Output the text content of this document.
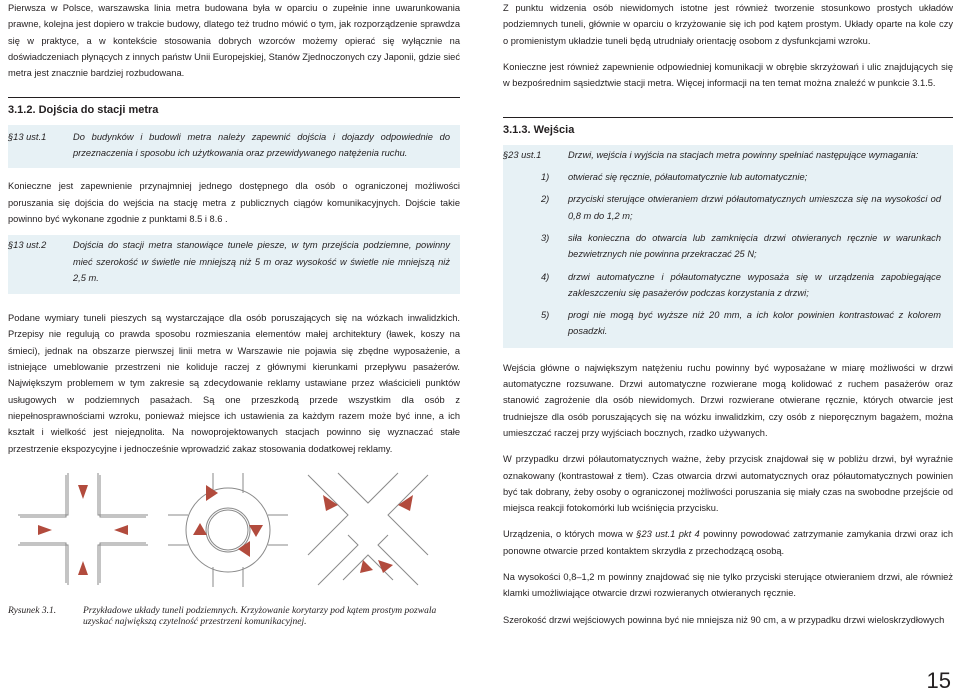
Pierwsza w Polsce, warszawska linia metra budowana była w oparciu o zupełnie inne uwarunkowania prawne, kolejna jest dopiero w trakcie budowy, dlatego też trudno mówić o tym, jak rozporządzenie sprawdza się w praktyce, a w kontekście stosowania dobrych wzorców możemy opierać się wyłącznie na doświadczeniach płynących z innych państw Unii Europejskiej, Stanów Zjednoczonych czy Japonii, gdzie sieć metra jest znacznie bardziej rozbudowana.

3.1.2. Dojścia do stacji metra
§13 ust.1	Do budynków i budowli metra należy zapewnić dojścia i dojazdy odpowiednie do przeznaczenia i sposobu ich użytkowania oraz przewidywanego natężenia ruchu.

Konieczne jest zapewnienie przynajmniej jednego dostępnego dla osób o ograniczonej możliwości poruszania się dojścia do wejścia na stację metra z publicznych ciągów komunikacyjnych. Dojście takie powinno być wykonane zgodnie z punktami 8.5 i 8.6 .

§13 ust.2	Dojścia do stacji metra stanowiące tunele piesze, w tym przejścia podziemne, powinny mieć szerokość w świetle nie mniejszą niż 5 m oraz wysokość w świetle nie mniejszą niż 2,5 m.

Podane wymiary tuneli pieszych są wystarczające dla osób poruszających się na wózkach inwalidzkich. Przepisy nie regulują co prawda sposobu rozmieszania elementów małej architektury (ławek, koszy na śmieci), jednak na obszarze pierwszej linii metra w Warszawie nie pojawia się zbędne wyposażenie, a istniejące umeblowanie przestrzeni nie koliduje raczej z głównymi kierunkami przepływu pasażerów. Największym problemem w tym zakresie są zdecydowanie reklamy ustawiane przez właścicieli punktów usługowych w podziemnych pasażach. Są one przeszkodą przede wszystkim dla osób z niepełnosprawnościami wzroku, ponieważ miejsce ich ustawienia za każdym razem może być inne, a ich kształt i wielkość jest nieједnolita. Na nowoprojektowanych stacjach powinno się wyznaczać stałe przestrzenie ekspozycyjne i jednocześnie wprowadzić zakaz stosowania dodatkowej reklamy.

Rysunek 3.1.	Przykładowe układy tuneli podziemnych. Krzyżowanie korytarzy pod kątem prostym pozwala uzyskać największą czytelność przestrzeni komunikacyjnej.

Z punktu widzenia osób niewidomych istotne jest również tworzenie stosunkowo prostych układów podziemnych tuneli, głównie w oparciu o krzyżowanie się ich pod kątem prostym. Układy oparte na kole czy o promienistym układzie tuneli będą utrudniały orientację osobom z dysfunkcjami wzroku.

Konieczne jest również zapewnienie odpowiedniej komunikacji w obrębie skrzyżowań i ulic znajdujących się w bezpośrednim sąsiedztwie stacji metra. Więcej informacji na ten temat można znaleźć w punkcie 3.1.5.

3.1.3. Wejścia
§23 ust.1	Drzwi, wejścia i wyjścia na stacjach metra powinny spełniać następujące wymagania:
1)	otwierać się ręcznie, półautomatycznie lub automatycznie;
2)	przyciski sterujące otwieraniem drzwi półautomatycznych umieszcza się na wysokości od 0,8 m do 1,2 m;
3)	siła konieczna do otwarcia lub zamknięcia drzwi otwieranych ręcznie w warunkach bezwietrznych nie powinna przekraczać 25 N;
4)	drzwi automatyczne i półautomatyczne wyposaża się w urządzenia zapobiegające zakleszczeniu się pasażerów podczas korzystania z drzwi;
5)	progi nie mogą być wyższe niż 20 mm, a ich kolor powinien kontrastować z kolorem posadzki.

Wejścia główne o największym natężeniu ruchu powinny być wyposażane w miarę możliwości w drzwi automatyczne rozsuwane. Drzwi automatyczne rozwierane mogą kolidować z ruchem pasażerów oraz stanowić zagrożenie dla osób niewidomych. Drzwi rozwierane otwierane ręcznie, których otwarcie jest trudniejsze dla osób poruszających się na wózku inwalidzkim, czy osób z nieporęcznym bagażem, można umieszczać raczej przy wyjściach bocznych, rzadko używanych.

W przypadku drzwi półautomatycznych ważne, żeby przycisk znajdował się w pobliżu drzwi, był wyraźnie oznakowany (kontrastował z tłem). Czas otwarcia drzwi automatycznych oraz półautomatycznych powinien być tak dobrany, żeby osoby o ograniczonej możliwości poruszania się miały czas na swobodne przejście od miejsca reakcji fotokomórki lub wciśnięcia przycisku.

Urządzenia, o których mowa w §23 ust.1 pkt 4 powinny powodować zatrzymanie zamykania drzwi oraz ich ponowne otwarcie przed kontaktem skrzydła z przechodzącą osobą.

Na wysokości 0,8–1,2 m powinny znajdować się nie tylko przyciski sterujące otwieraniem drzwi, ale również klamki umożliwiające otwarcie drzwi rozwieranych otwieranych ręcznie.

Szerokość drzwi wejściowych powinna być nie mniejsza niż 90 cm, a w przypadku drzwi wieloskrzydłowych

15
